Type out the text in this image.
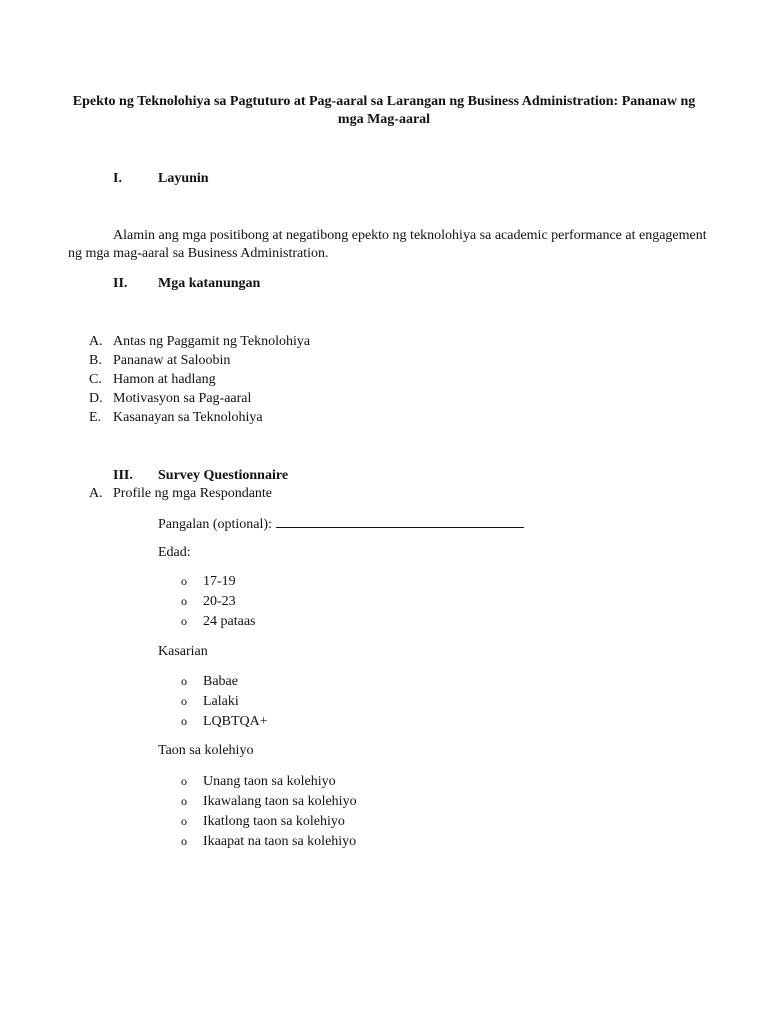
Epekto ng Teknolohiya sa Pagtuturo at Pag-aaral sa Larangan ng Business Administration: Pananaw ng
mga Mag-aaral
I.	Layunin
Alamin ang mga positibong at negatibong epekto ng teknolohiya sa academic performance at engagement ng mga mag-aaral sa Business Administration.
II. Mga katanungan
A. Antas ng Paggamit ng Teknolohiya
B. Pananaw at Saloobin
C. Hamon at hadlang
D. Motivasyon sa Pag-aaral
E. Kasanayan sa Teknolohiya
III. Survey Questionnaire
A. Profile ng mga Respondante
Pangalan (optional):
Edad:
o 17-19
o 20-23
o 24 pataas
Kasarian
o Babae
o Lalaki
o LQBTQA+
Taon sa kolehiyo
o Unang taon sa kolehiyo
o Ikawalang taon sa kolehiyo
o Ikatlong taon sa kolehiyo
o Ikaapat na taon sa kolehiyo
